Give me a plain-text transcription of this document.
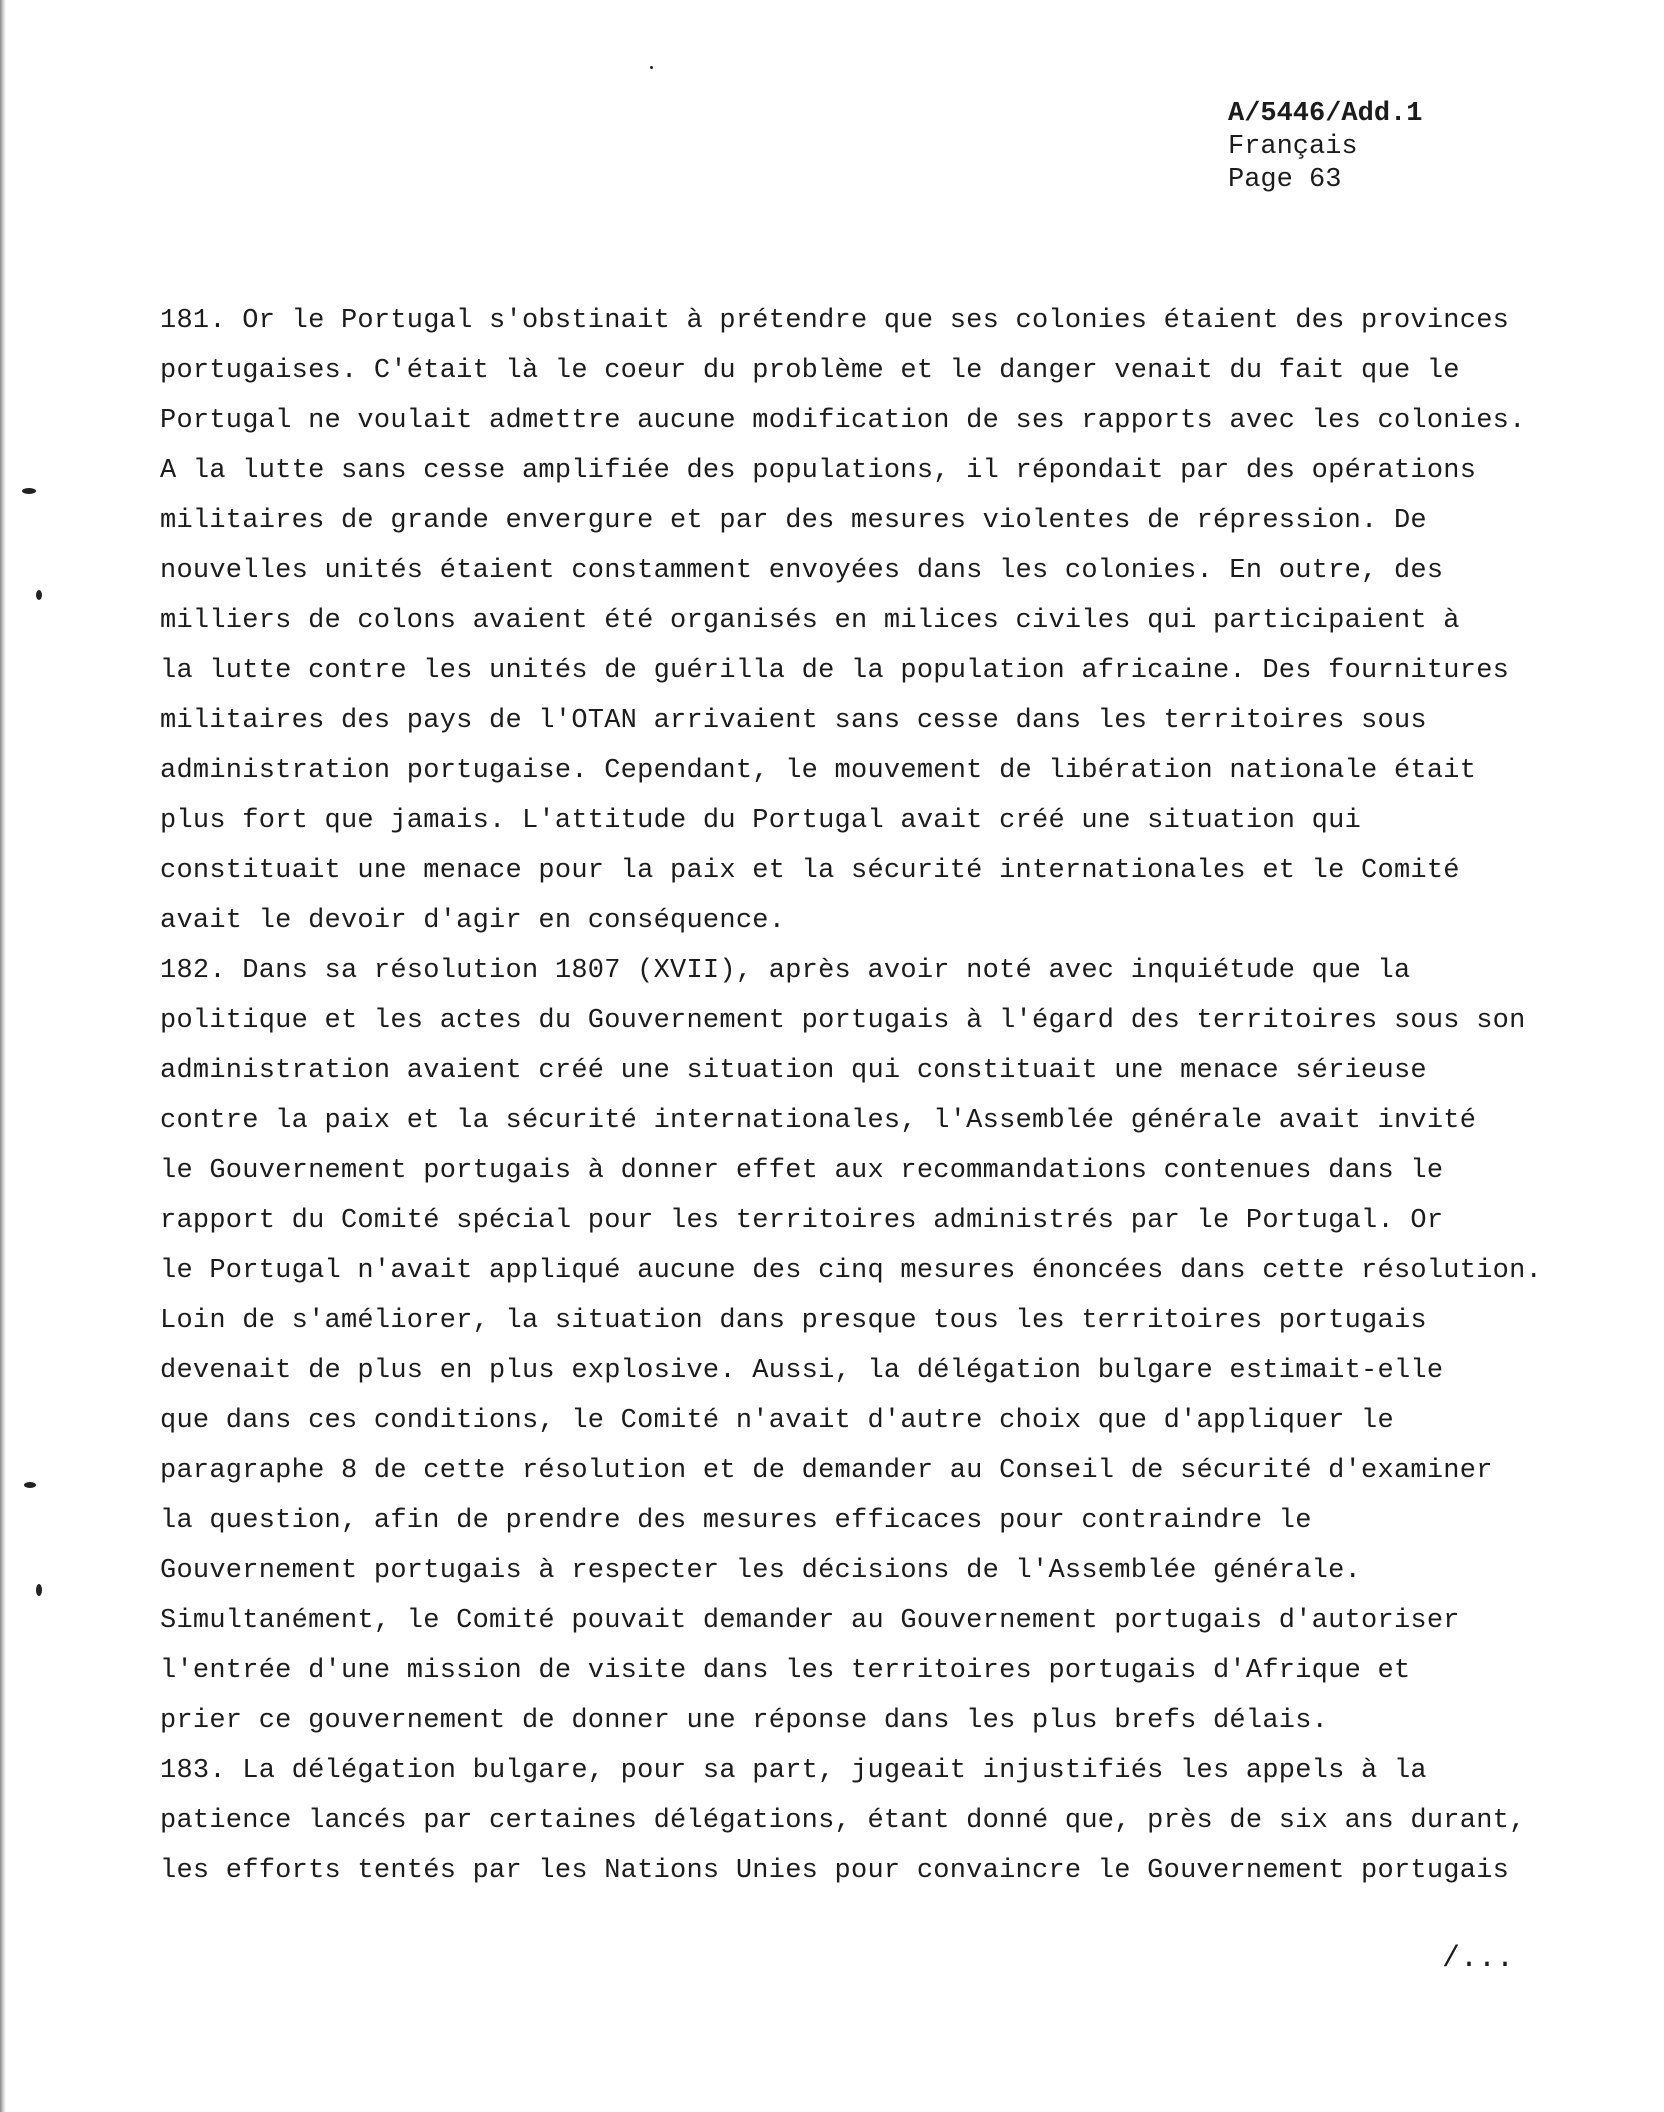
A/5446/Add.1
Français
Page 63
181. Or le Portugal s'obstinait à prétendre que ses colonies étaient des provinces
portugaises. C'était là le coeur du problème et le danger venait du fait que le
Portugal ne voulait admettre aucune modification de ses rapports avec les colonies.
A la lutte sans cesse amplifiée des populations, il répondait par des opérations
militaires de grande envergure et par des mesures violentes de répression. De
nouvelles unités étaient constamment envoyées dans les colonies. En outre, des
milliers de colons avaient été organisés en milices civiles qui participaient à
la lutte contre les unités de guérilla de la population africaine. Des fournitures
militaires des pays de l'OTAN arrivaient sans cesse dans les territoires sous
administration portugaise. Cependant, le mouvement de libération nationale était
plus fort que jamais. L'attitude du Portugal avait créé une situation qui
constituait une menace pour la paix et la sécurité internationales et le Comité
avait le devoir d'agir en conséquence.
182. Dans sa résolution 1807 (XVII), après avoir noté avec inquiétude que la
politique et les actes du Gouvernement portugais à l'égard des territoires sous son
administration avaient créé une situation qui constituait une menace sérieuse
contre la paix et la sécurité internationales, l'Assemblée générale avait invité
le Gouvernement portugais à donner effet aux recommandations contenues dans le
rapport du Comité spécial pour les territoires administrés par le Portugal. Or
le Portugal n'avait appliqué aucune des cinq mesures énoncées dans cette résolution.
Loin de s'améliorer, la situation dans presque tous les territoires portugais
devenait de plus en plus explosive. Aussi, la délégation bulgare estimait-elle
que dans ces conditions, le Comité n'avait d'autre choix que d'appliquer le
paragraphe 8 de cette résolution et de demander au Conseil de sécurité d'examiner
la question, afin de prendre des mesures efficaces pour contraindre le
Gouvernement portugais à respecter les décisions de l'Assemblée générale.
Simultanément, le Comité pouvait demander au Gouvernement portugais d'autoriser
l'entrée d'une mission de visite dans les territoires portugais d'Afrique et
prier ce gouvernement de donner une réponse dans les plus brefs délais.
183. La délégation bulgare, pour sa part, jugeait injustifiés les appels à la
patience lancés par certaines délégations, étant donné que, près de six ans durant,
les efforts tentés par les Nations Unies pour convaincre le Gouvernement portugais
/...
